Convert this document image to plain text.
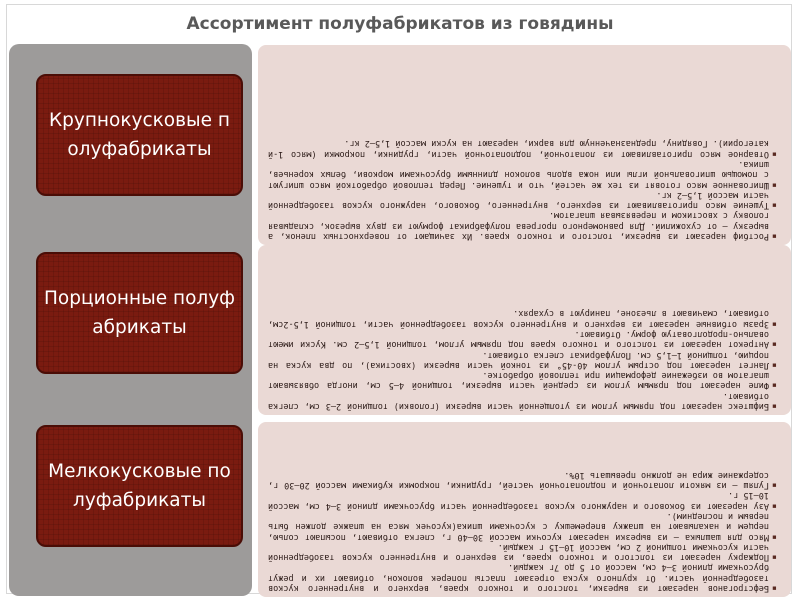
Ассортимент полуфабрикатов из говядины
Крупнокусковые полуфабрикаты
Порционные полуфабрикаты
Мелкокусковые полуфабрикаты

▪ Ростбиф нарезают из вырезки, толстого и тонкого краев. Их зачищают от поверхностных пленок, а вырезку — от сухожилий. Для равномерного прогрева полуфабрикат формуют из двух вырезок, складывая головку с хвостиком и перевязывая шпагатом.

▪ Тушение мясо приготавливают из верхнего, внутреннего, бокового, наружного кусков тазобедренной части массой 1,5—2 кг.

▪ Шпигованное мясо готовят из тех же частей, что и тушение. Перед тепловой обработкой мясо шпигуют с помощью шпиговальной иглы или ножа вдоль волокон длинными брусочками моркови, белых кореньев, шпика.

▪ Отварное мясо приготавливают из лопаточной, подлопаточной части, грудинки, покромки (мясо 1-й категории). Говядину, предназначенную для варки, нарезают на куски массой 1,5—2 кг.

▪ Бифштекс нарезают под прямым углом из утолщенной части вырезки (головки) толщиной 2—3 см, слегка отбивают.

▪ Филе нарезают под прямым углом из средней части вырезки, толщиной 4—5 см, иногда обвязывают шпагатом во избежание деформации при тепловой обработке.

▪ Лангет нарезают под острым углом 40-45° из тонкой части вырезки (хвостика), по два куска на порцию, толщиной 1—1,5 см. Полуфабрикат слегка отбивают.

▪ Антрекот нарезают из толстого и тонкого краев под прямым углом, толщиной 1,5—2 см. Куски имеют овально-продолговатую форму. Отбивают.

▪ Зразы отбивные нарезают из верхнего и внутреннего кусков тазобедренной части, толщиной 1,5-2см, отбивают, смачивают в льезоне, панируют в сухарях.

▪ Бефстроганов нарезают из вырезки, толстого и тонкого краев, верхнего и внутреннего кусков тазобедренной части. От крупного куска отрезают пласты поперек волокон, отбивают их и режут брусочками длиной 3—4 см, массой от 5 до 7г каждый.

▪ Поджарку нарезают из толстого и тонкого краев, из верхнего и внутреннего кусков тазобедренной части кусочками толщиной 2 см, массой 10—15 г каждый.

▪ Мясо для шашлыка — из вырезки нарезают кусочки массой 30—40 г, слегка отбивают, посыпают солью, перцем и накалывают на шпажку вперемешку с кусочками шпика(кусочек мяса на шпажке должен быть первым и последним).

▪ Азу нарезают из бокового и наружного кусков тазобедренной части брусочками длиной 3—4 см, массой 10—15 г.

▪ Гуляш — из мякоти лопаточной и подлопаточной частей, грудинки, покромки кубиками массой 20—30 г, содержание жира не должно превышать 10%.
